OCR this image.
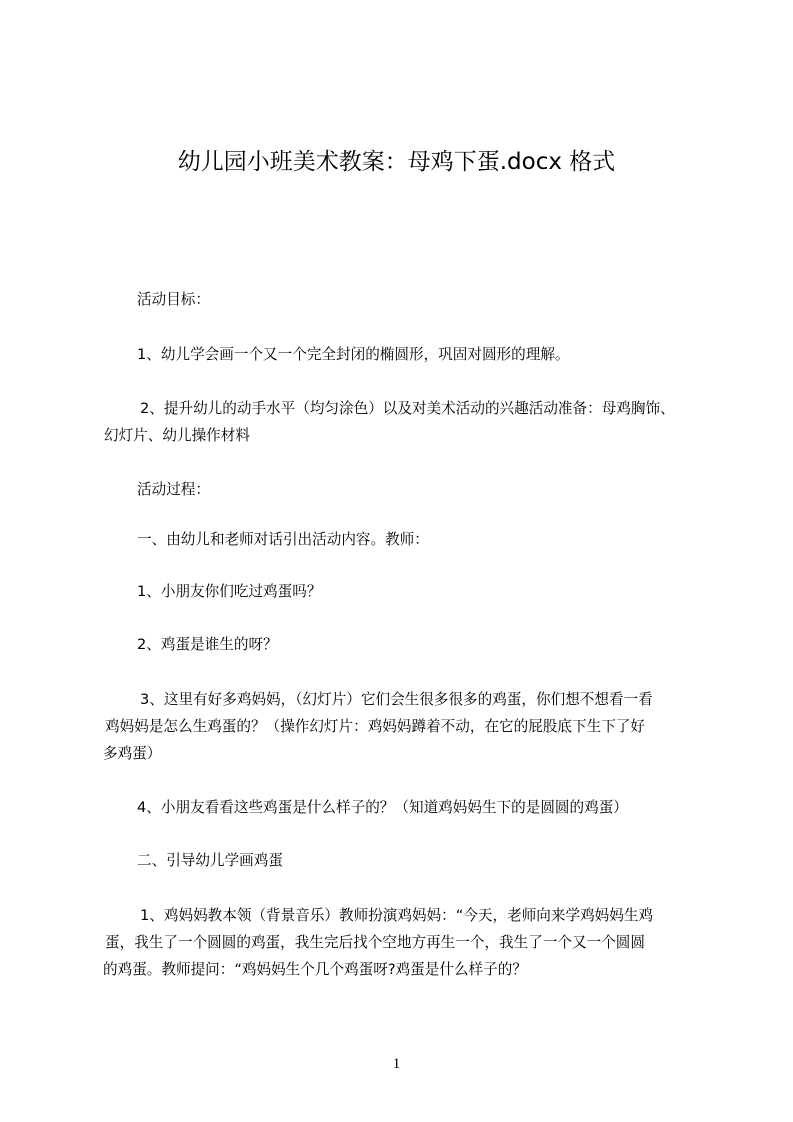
幼儿园小班美术教案：母鸡下蛋.docx 格式
活动目标：
1、幼儿学会画一个又一个完全封闭的椭圆形，巩固对圆形的理解。
2、提升幼儿的动手水平（均匀涂色）以及对美术活动的兴趣活动准备：母鸡胸饰、
幻灯片、幼儿操作材料
活动过程：
一、由幼儿和老师对话引出活动内容。教师：
1、小朋友你们吃过鸡蛋吗？
2、鸡蛋是谁生的呀？
3、这里有好多鸡妈妈，（幻灯片）它们会生很多很多的鸡蛋，你们想不想看一看
鸡妈妈是怎么生鸡蛋的？（操作幻灯片：鸡妈妈蹲着不动，在它的屁股底下生下了好
多鸡蛋）
4、小朋友看看这些鸡蛋是什么样子的？（知道鸡妈妈生下的是圆圆的鸡蛋）
二、引导幼儿学画鸡蛋
1、鸡妈妈教本领（背景音乐）教师扮演鸡妈妈：“今天，老师向来学鸡妈妈生鸡
蛋，我生了一个圆圆的鸡蛋，我生完后找个空地方再生一个，我生了一个又一个圆圆
的鸡蛋。教师提问：“鸡妈妈生个几个鸡蛋呀?鸡蛋是什么样子的？
1
